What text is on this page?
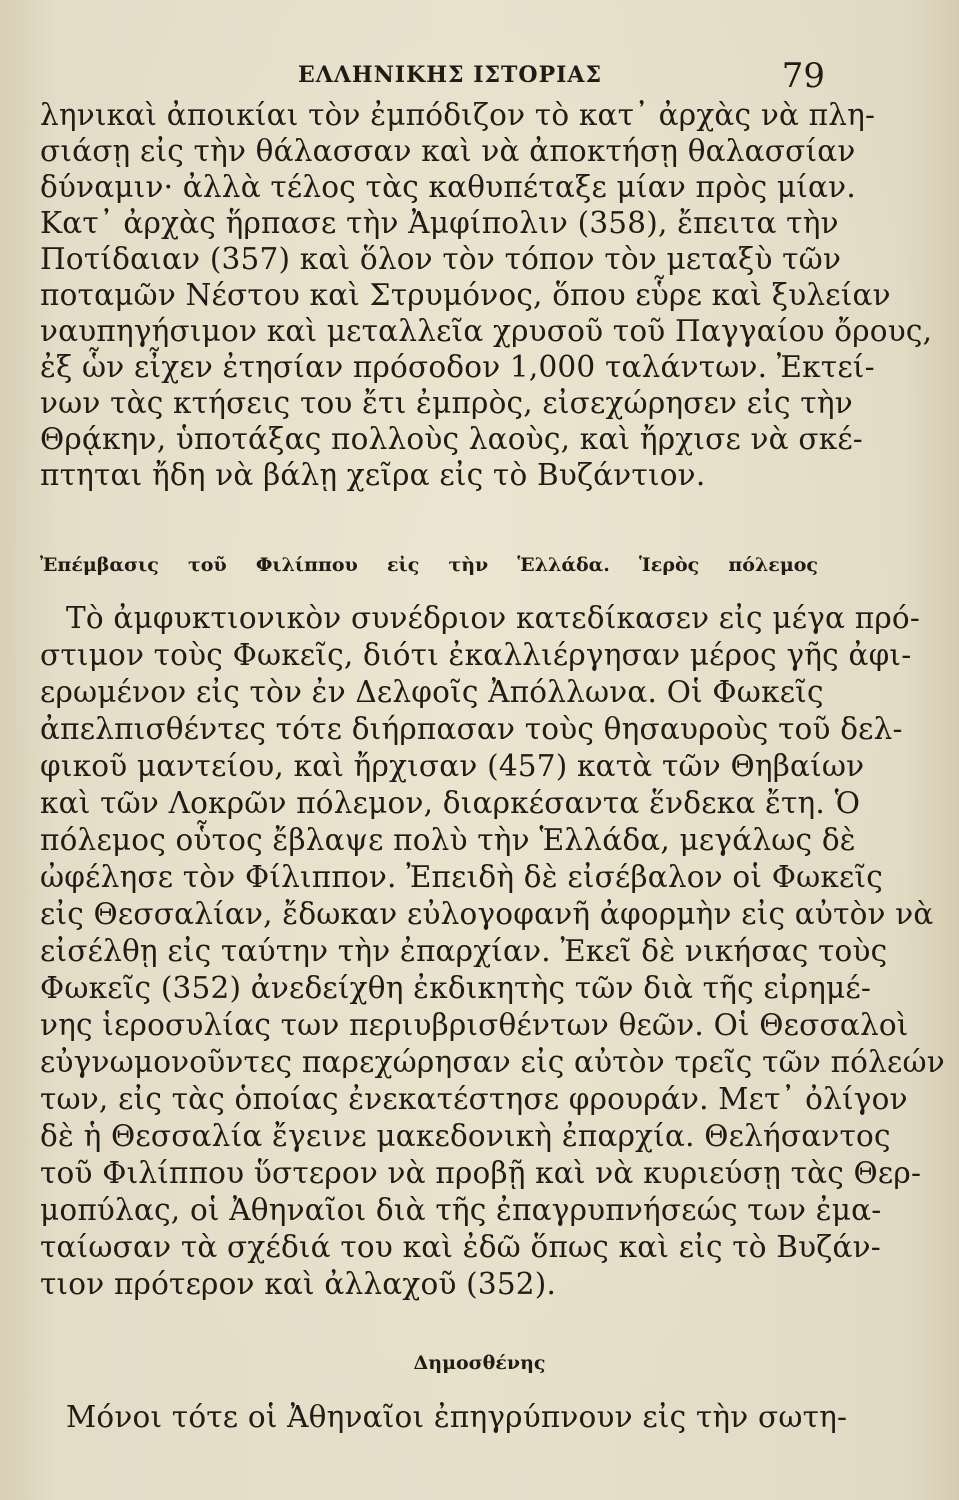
ΕΛΛΗΝΙΚΗΣ ΙΣΤΟΡΙΑΣ	79
ληνικαὶ ἀποικίαι τὸν ἐμπόδιζον τὸ κατ᾽ ἀρχὰς νὰ πλη-
σιάσῃ εἰς τὴν θάλασσαν καὶ νὰ ἀποκτήσῃ θαλασσίαν
δύναμιν· ἀλλὰ τέλος τὰς καθυπέταξε μίαν πρὸς μίαν.
Κατ᾽ ἀρχὰς ἥρπασε τὴν Ἀμφίπολιν (358), ἔπειτα τὴν
Ποτίδαιαν (357) καὶ ὅλον τὸν τόπον τὸν μεταξὺ τῶν
ποταμῶν Νέστου καὶ Στρυμόνος, ὅπου εὗρε καὶ ξυλείαν
ναυπηγήσιμον καὶ μεταλλεῖα χρυσοῦ τοῦ Παγγαίου ὄρους,
ἐξ ὧν εἶχεν ἐτησίαν πρόσοδον 1,000 ταλάντων. Ἐκτεί-
νων τὰς κτήσεις του ἔτι ἐμπρὸς, εἰσεχώρησεν εἰς τὴν
Θρᾴκην, ὑποτάξας πολλοὺς λαοὺς, καὶ ἤρχισε νὰ σκέ-
πτηται ἤδη νὰ βάλῃ χεῖρα εἰς τὸ Βυζάντιον.
Ἐπέμβασις τοῦ Φιλίππου εἰς τὴν Ἑλλάδα. Ἱερὸς πόλεμος
Τὸ ἀμφυκτιονικὸν συνέδριον κατεδίκασεν εἰς μέγα πρό-
στιμον τοὺς Φωκεῖς, διότι ἐκαλλιέργησαν μέρος γῆς ἀφι-
ερωμένον εἰς τὸν ἐν Δελφοῖς Ἀπόλλωνα. Οἱ Φωκεῖς
ἀπελπισθέντες τότε διήρπασαν τοὺς θησαυροὺς τοῦ δελ-
φικοῦ μαντείου, καὶ ἤρχισαν (457) κατὰ τῶν Θηβαίων
καὶ τῶν Λοκρῶν πόλεμον, διαρκέσαντα ἕνδεκα ἔτη. Ὁ
πόλεμος οὗτος ἔβλαψε πολὺ τὴν Ἑλλάδα, μεγάλως δὲ
ὠφέλησε τὸν Φίλιππον. Ἐπειδὴ δὲ εἰσέβαλον οἱ Φωκεῖς
εἰς Θεσσαλίαν, ἔδωκαν εὐλογοφανῆ ἀφορμὴν εἰς αὐτὸν νὰ
εἰσέλθῃ εἰς ταύτην τὴν ἐπαρχίαν. Ἐκεῖ δὲ νικήσας τοὺς
Φωκεῖς (352) ἀνεδείχθη ἐκδικητὴς τῶν διὰ τῆς εἰρημέ-
νης ἱεροσυλίας των περιυβρισθέντων θεῶν. Οἱ Θεσσαλοὶ
εὐγνωμονοῦντες παρεχώρησαν εἰς αὐτὸν τρεῖς τῶν πόλεών
των, εἰς τὰς ὁποίας ἐνεκατέστησε φρουράν. Μετ᾽ ὀλίγον
δὲ ἡ Θεσσαλία ἔγεινε μακεδονικὴ ἐπαρχία. Θελήσαντος
τοῦ Φιλίππου ὕστερον νὰ προβῇ καὶ νὰ κυριεύσῃ τὰς Θερ-
μοπύλας, οἱ Ἀθηναῖοι διὰ τῆς ἐπαγρυπνήσεώς των ἐμα-
ταίωσαν τὰ σχέδιά του καὶ ἐδῶ ὅπως καὶ εἰς τὸ Βυζάν-
τιον πρότερον καὶ ἀλλαχοῦ (352).
Δημοσθένης
Μόνοι τότε οἱ Ἀθηναῖοι ἐπηγρύπνουν εἰς τὴν σωτη-
